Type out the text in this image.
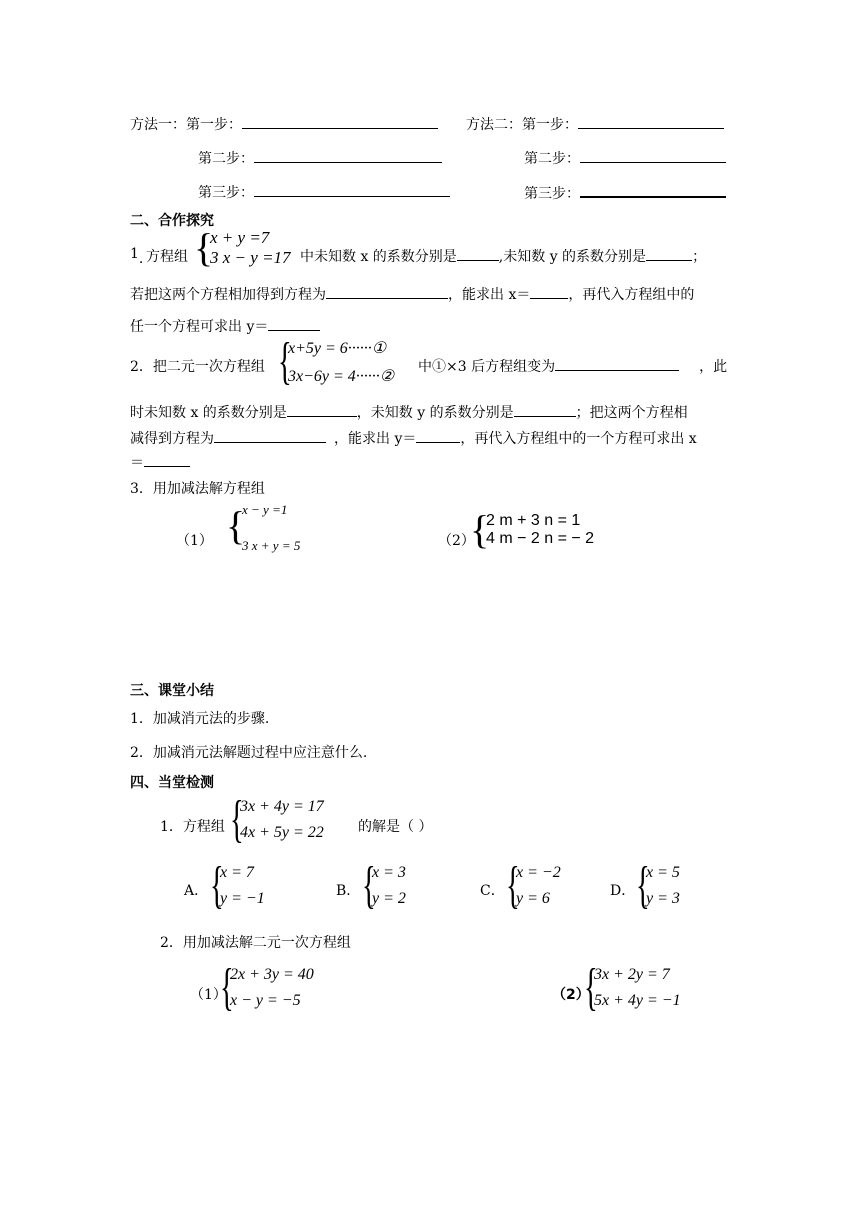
方法一：第一步：	方法二：第一步：
第二步：	第二步：
第三步：	第三步：
二、合作探究
1. 方程组 {
x + y =7
3 x − y =17 中未知数 x 的系数分别是	,未知数 y 的系数分别是	；
若把这两个方程相加得到方程为	，能求出 x＝	，再代入方程组中的
任一个方程可求出 y＝
2．把二元一次方程组 {
x+5y = 6······①
3x−6y = 4······②
中①×3 后方程组变为	，此
时未知数 x 的系数分别是	，未知数 y 的系数分别是	；把这两个方程相
减得到方程为	，能求出 y＝	，再代入方程组中的一个方程可求出 x
＝
3．用加减法解方程组
（1） {
x − y =1
3 x + y = 5	（2）
{
2 m + 3 n = 1
4 m − 2 n = − 2
三、课堂小结
1．加减消元法的步骤.
2．加减消元法解题过程中应注意什么.
四、当堂检测
1．方程组 {
3x + 4y = 17
4x + 5y = 22 的解是（ ）
A． {
x = 7
y = −1	B． {
x = 3
y = 2	C． {
x = −2
y = 6	D． {
x = 5
y = 3
2．用加减法解二元一次方程组
（1）
{
2x + 3y = 40
x − y = −5	（2）
{
3x + 2y = 7
5x + 4y = −1
